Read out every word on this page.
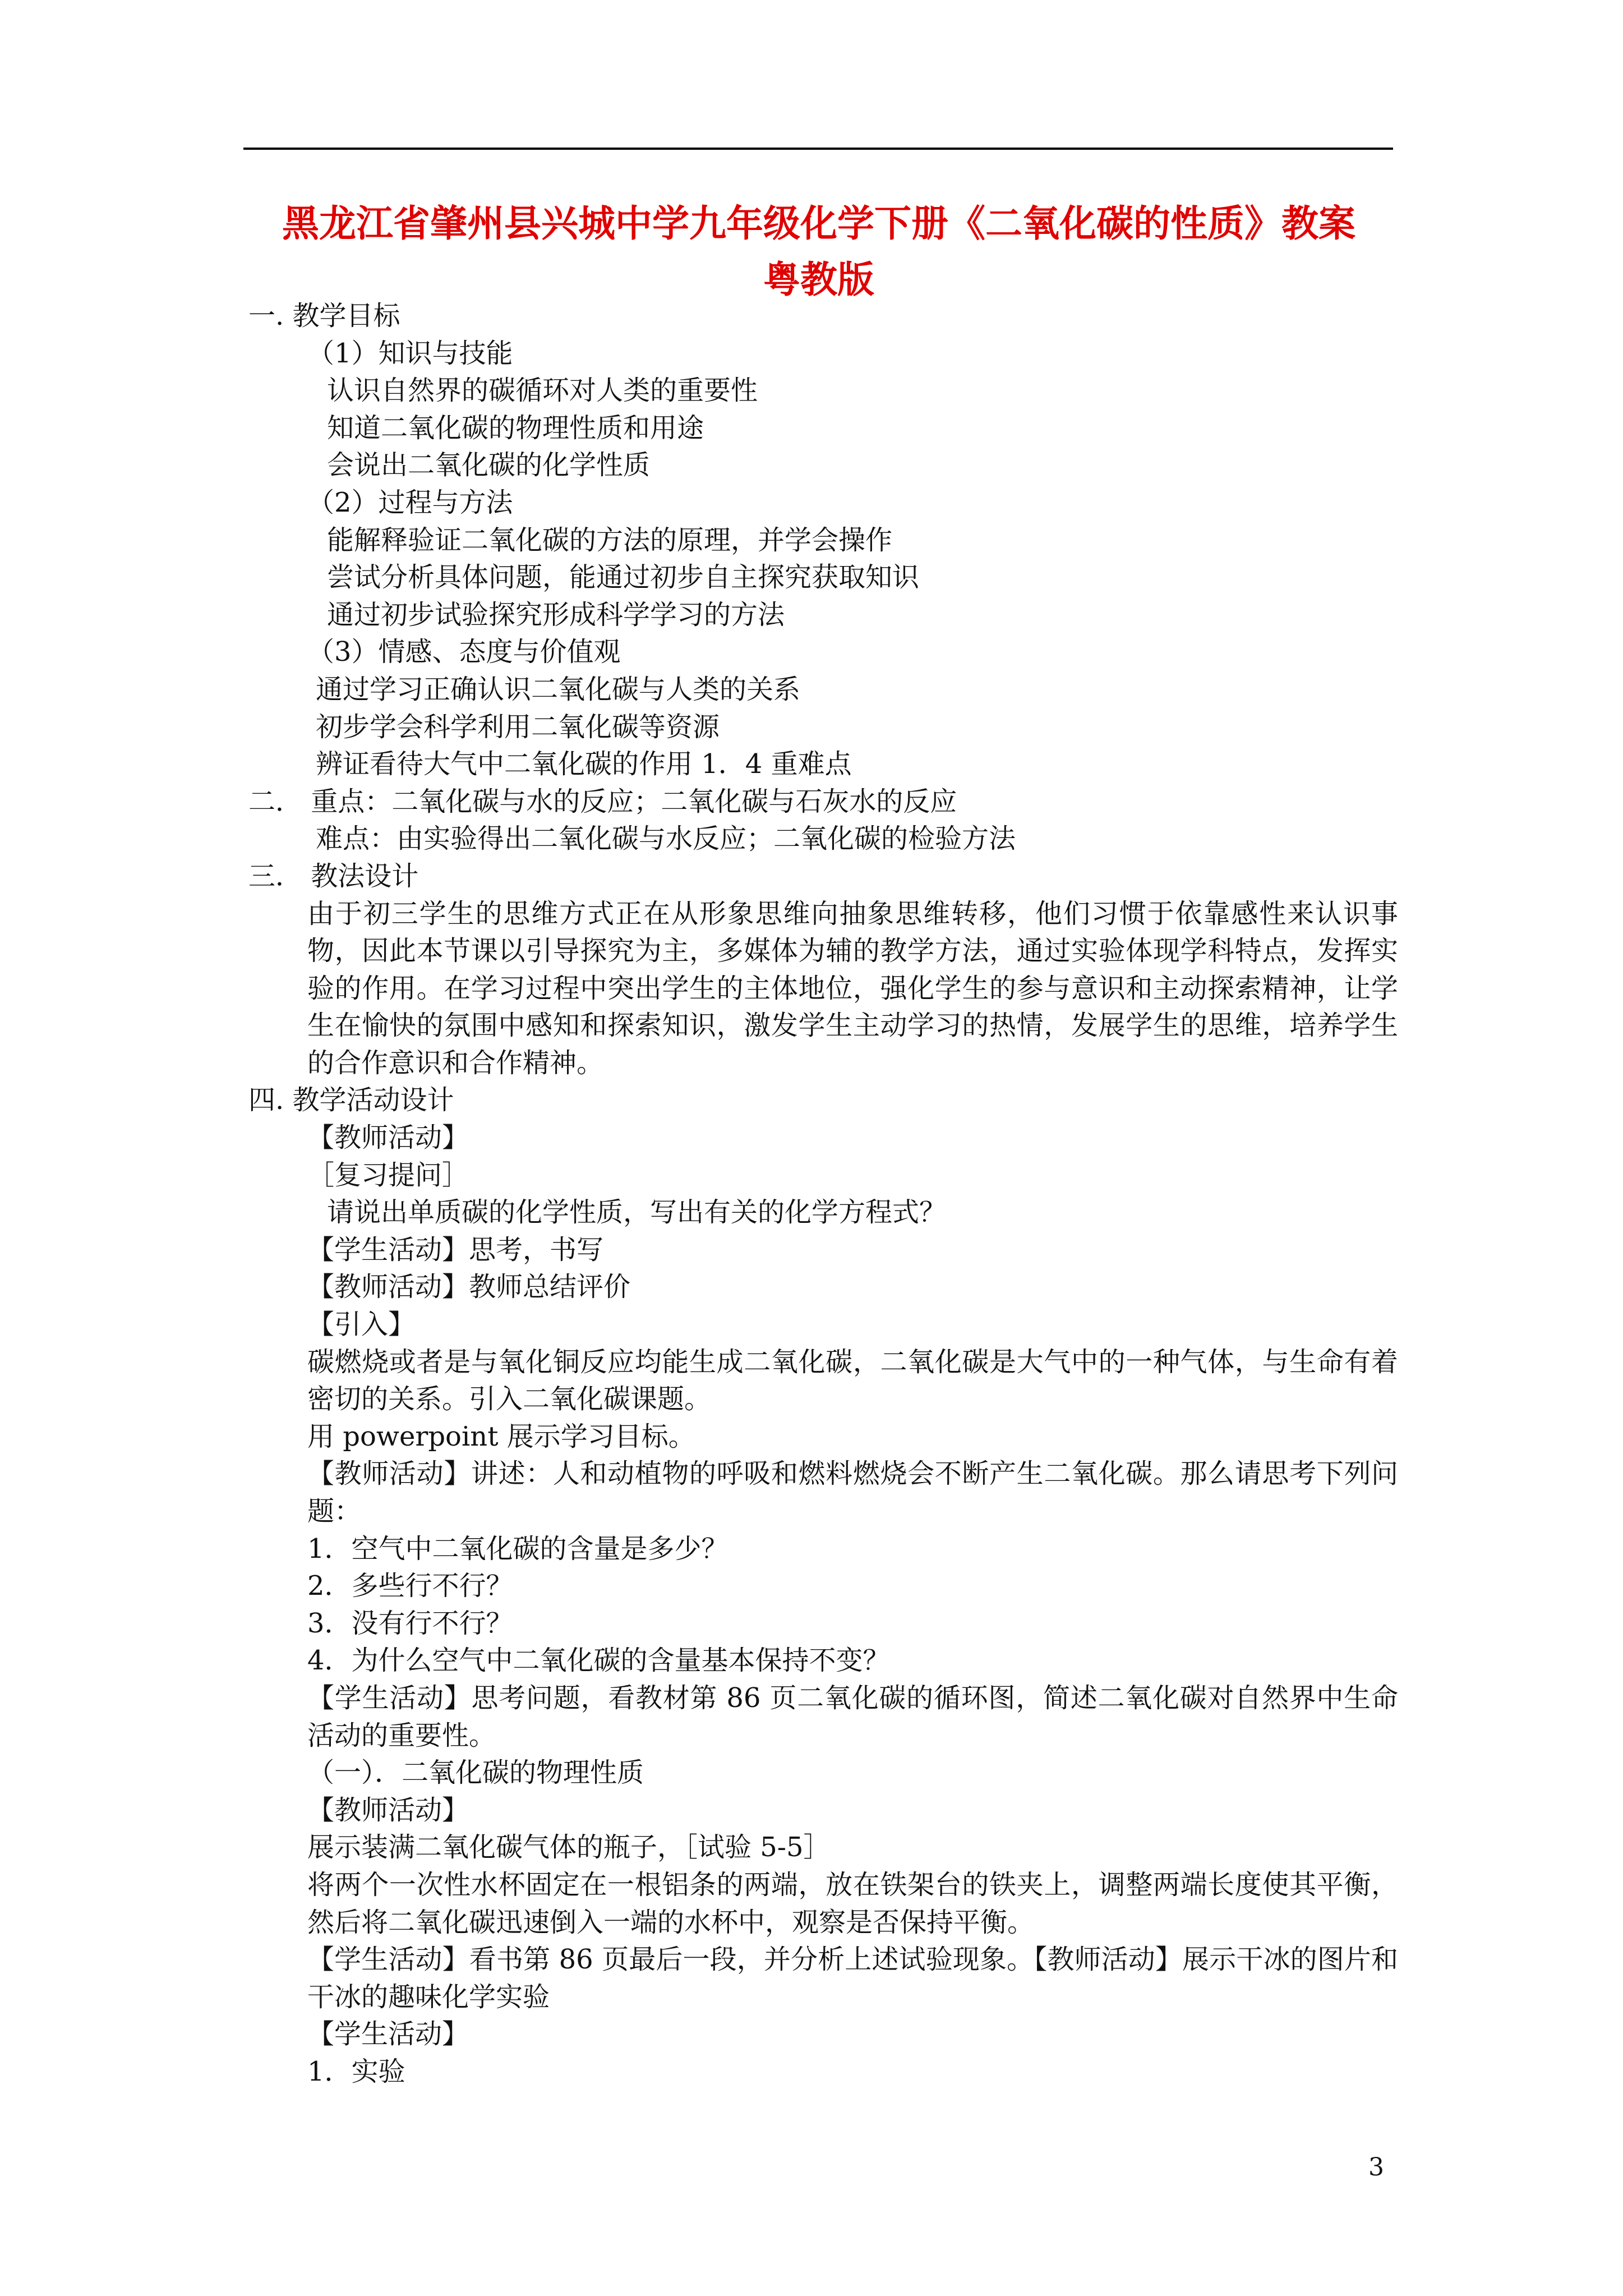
黑龙江省肇州县兴城中学九年级化学下册《二氧化碳的性质》教案
粤教版
一. 教学目标
（1）知识与技能
认识自然界的碳循环对人类的重要性
知道二氧化碳的物理性质和用途
会说出二氧化碳的化学性质
（2）过程与方法
能解释验证二氧化碳的方法的原理，并学会操作
尝试分析具体问题，能通过初步自主探究获取知识
通过初步试验探究形成科学学习的方法
（3）情感、态度与价值观
通过学习正确认识二氧化碳与人类的关系
初步学会科学利用二氧化碳等资源
辨证看待大气中二氧化碳的作用 1．4 重难点
二． 重点：二氧化碳与水的反应；二氧化碳与石灰水的反应
难点：由实验得出二氧化碳与水反应；二氧化碳的检验方法
三． 教法设计
由于初三学生的思维方式正在从形象思维向抽象思维转移，他们习惯于依靠感性来认识事物，因此本节课以引导探究为主，多媒体为辅的教学方法，通过实验体现学科特点，发挥实验的作用。在学习过程中突出学生的主体地位，强化学生的参与意识和主动探索精神，让学生在愉快的氛围中感知和探索知识，激发学生主动学习的热情，发展学生的思维，培养学生的合作意识和合作精神。
四. 教学活动设计
【教师活动】
［复习提问］
请说出单质碳的化学性质，写出有关的化学方程式？
【学生活动】思考，书写
【教师活动】教师总结评价
【引入】
碳燃烧或者是与氧化铜反应均能生成二氧化碳，二氧化碳是大气中的一种气体，与生命有着密切的关系。引入二氧化碳课题。
用 powerpoint 展示学习目标。
【教师活动】讲述：人和动植物的呼吸和燃料燃烧会不断产生二氧化碳。那么请思考下列问题：
1．空气中二氧化碳的含量是多少？
2．多些行不行？
3．没有行不行？
4．为什么空气中二氧化碳的含量基本保持不变？
【学生活动】思考问题，看教材第 86 页二氧化碳的循环图，简述二氧化碳对自然界中生命活动的重要性。
（一）．二氧化碳的物理性质
【教师活动】
展示装满二氧化碳气体的瓶子，［试验 5-5］
将两个一次性水杯固定在一根铝条的两端，放在铁架台的铁夹上，调整两端长度使其平衡，然后将二氧化碳迅速倒入一端的水杯中，观察是否保持平衡。
【学生活动】看书第 86 页最后一段，并分析上述试验现象。【教师活动】展示干冰的图片和干冰的趣味化学实验
【学生活动】
1．实验
3
